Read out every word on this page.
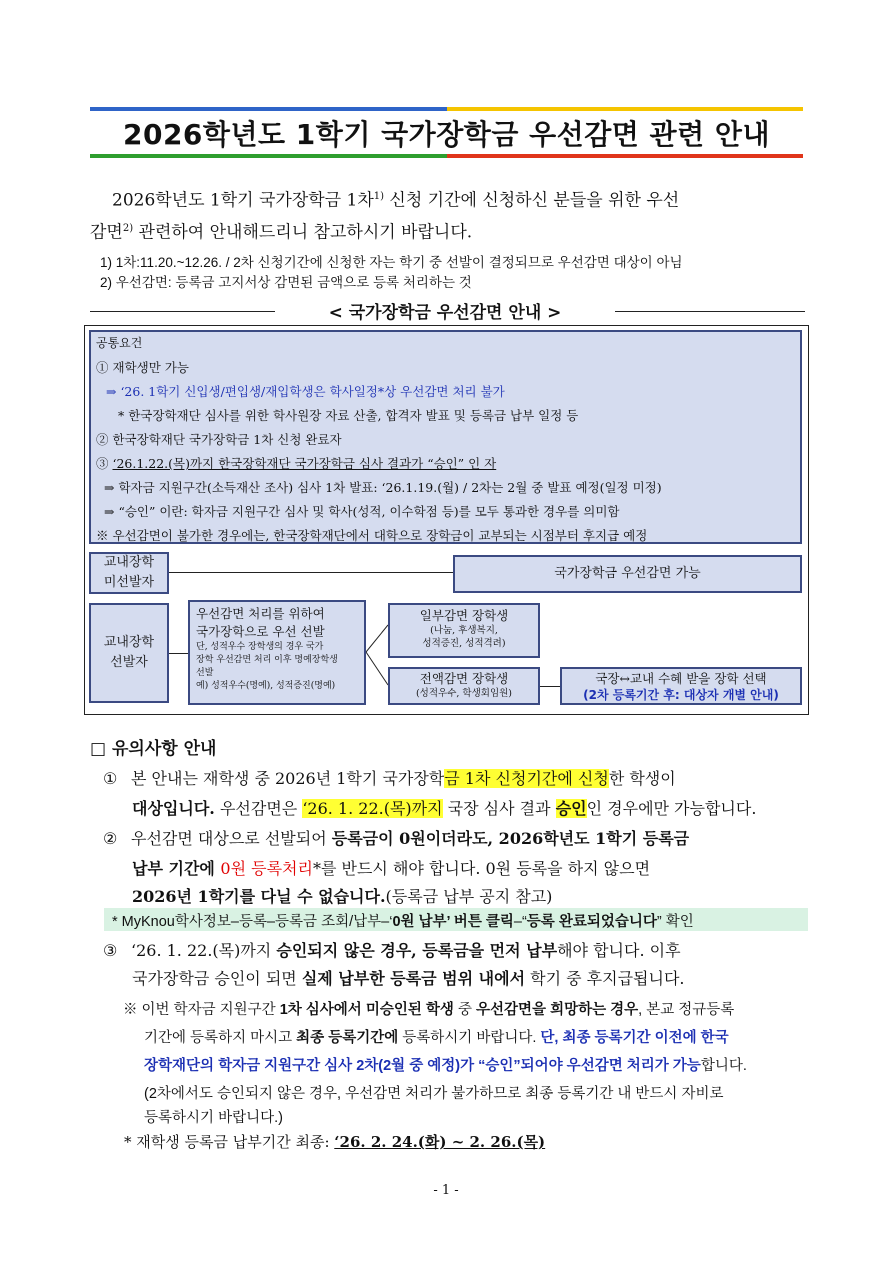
2026학년도 1학기 국가장학금 우선감면 관련 안내
2026학년도 1학기 국가장학금 1차$^{1)}$ 신청 기간에 신청하신 분들을 위한 우선
감면$^{2)}$ 관련하여 안내해드리니 참고하시기 바랍니다.
1) 1차:11.20.~12.26. / 2차 신청기간에 신청한 자는 학기 중 선발이 결정되므로 우선감면 대상이 아님
2) 우선감면: 등록금 고지서상 감면된 금액으로 등록 처리하는 것
< 국가장학금 우선감면 안내 >
공통요건
① 재학생만 가능
⇒ ‘26. 1학기 신입생/편입생/재입학생은 학사일정*상 우선감면 처리 불가
* 한국장학재단 심사를 위한 학사원장 자료 산출, 합격자 발표 및 등록금 납부 일정 등
② 한국장학재단 국가장학금 1차 신청 완료자
③ ‘26.1.22.(목)까지 한국장학재단 국가장학금 심사 결과가 “승인” 인 자
⇒ 학자금 지원구간(소득재산 조사) 심사 1차 발표: ‘26.1.19.(월) / 2차는 2월 중 발표 예정(일정 미정)
⇒ “승인” 이란: 학자금 지원구간 심사 및 학사(성적, 이수학점 등)를 모두 통과한 경우를 의미함
※ 우선감면이 불가한 경우에는, 한국장학재단에서 대학으로 장학금이 교부되는 시점부터 후지급 예정
교내장학
미선발자
국가장학금 우선감면 가능
교내장학
선발자
우선감면 처리를 위하여
국가장학으로 우선 선발
단, 성적우수 장학생의 경우 국가
장학 우선감면 처리 이후 명예장학생
선발
예) 성적우수(명예), 성적증진(명예)
일부감면 장학생
(나눔, 후생복지,
성적증진, 성적격려)
전액감면 장학생
(성적우수, 학생회임원)
국장↔교내 수혜 받을 장학 선택
(2차 등록기간 후: 대상자 개별 안내)
□ 유의사항 안내
① 본 안내는 재학생 중 2026년 1학기 국가장학금 1차 신청기간에 신청한 학생이
대상입니다. 우선감면은 ‘26. 1. 22.(목)까지 국장 심사 결과 승인인 경우에만 가능합니다.
② 우선감면 대상으로 선발되어 등록금이 0원이더라도, 2026학년도 1학기 등록금
납부 기간에 0원 등록처리*를 반드시 해야 합니다. 0원 등록을 하지 않으면
2026년 1학기를 다닐 수 없습니다.(등록금 납부 공지 참고)
* MyKnou학사정보–등록–등록금 조회/납부–‘0원 납부’ 버튼 클릭–“등록 완료되었습니다” 확인
③ ‘26. 1. 22.(목)까지 승인되지 않은 경우, 등록금을 먼저 납부해야 합니다. 이후
국가장학금 승인이 되면 실제 납부한 등록금 범위 내에서 학기 중 후지급됩니다.
※ 이번 학자금 지원구간 1차 심사에서 미승인된 학생 중 우선감면을 희망하는 경우, 본교 정규등록
기간에 등록하지 마시고 최종 등록기간에 등록하시기 바랍니다. 단, 최종 등록기간 이전에 한국
장학재단의 학자금 지원구간 심사 2차(2월 중 예정)가 “승인”되어야 우선감면 처리가 가능합니다.
(2차에서도 승인되지 않은 경우, 우선감면 처리가 불가하므로 최종 등록기간 내 반드시 자비로
등록하시기 바랍니다.)
* 재학생 등록금 납부기간 최종: ‘26. 2. 24.(화) ~ 2. 26.(목)
- 1 -
